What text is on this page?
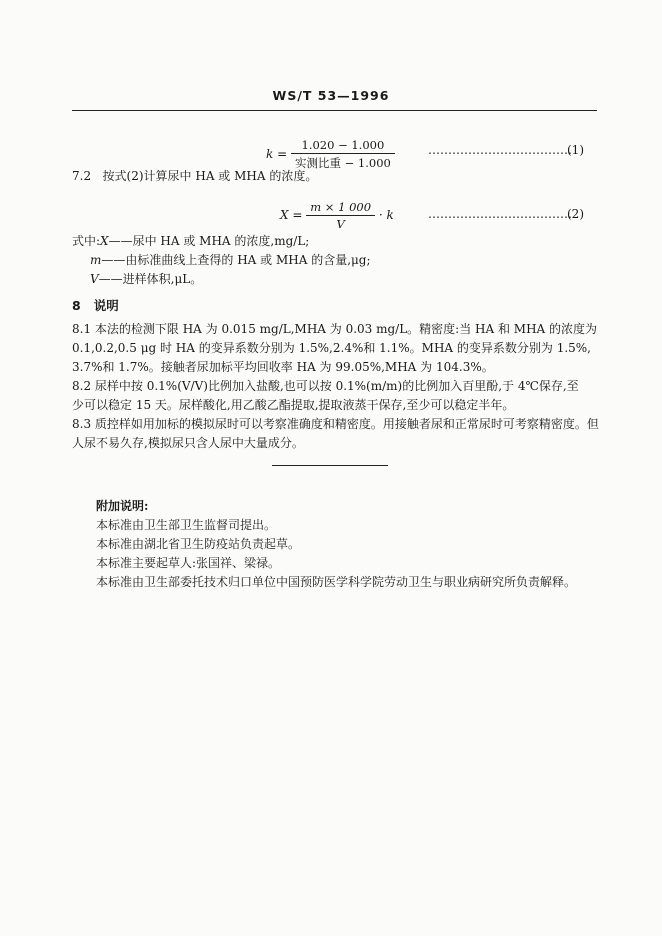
WS/T 53—1996
$k = \frac{1.020 - 1.000}{\text{实测比重 − 1.000}}$	………………………………
(1)
7.2 按式(2)计算尿中 HA 或 MHA 的浓度。
$X = \frac{m \times 1 000}{V} \cdot k$	………………………………
(2)
式中:X——尿中 HA 或 MHA 的浓度,mg/L;
m——由标准曲线上查得的 HA 或 MHA 的含量,μg;
V——进样体积,μL。
8 说明
8.1 本法的检测下限 HA 为 0.015 mg/L,MHA 为 0.03 mg/L。精密度:当 HA 和 MHA 的浓度为
0.1,0.2,0.5 μg 时 HA 的变异系数分别为 1.5%,2.4%和 1.1%。MHA 的变异系数分别为 1.5%,
3.7%和 1.7%。接触者尿加标平均回收率 HA 为 99.05%,MHA 为 104.3%。
8.2 尿样中按 0.1%(V/V)比例加入盐酸,也可以按 0.1%(m/m)的比例加入百里酚,于 4℃保存,至
少可以稳定 15 天。尿样酸化,用乙酸乙酯提取,提取液蒸干保存,至少可以稳定半年。
8.3 质控样如用加标的模拟尿时可以考察准确度和精密度。用接触者尿和正常尿时可考察精密度。但
人尿不易久存,模拟尿只含人尿中大量成分。
附加说明:
本标准由卫生部卫生监督司提出。
本标准由湖北省卫生防疫站负责起草。
本标准主要起草人:张国祥、梁禄。
本标准由卫生部委托技术归口单位中国预防医学科学院劳动卫生与职业病研究所负责解释。
